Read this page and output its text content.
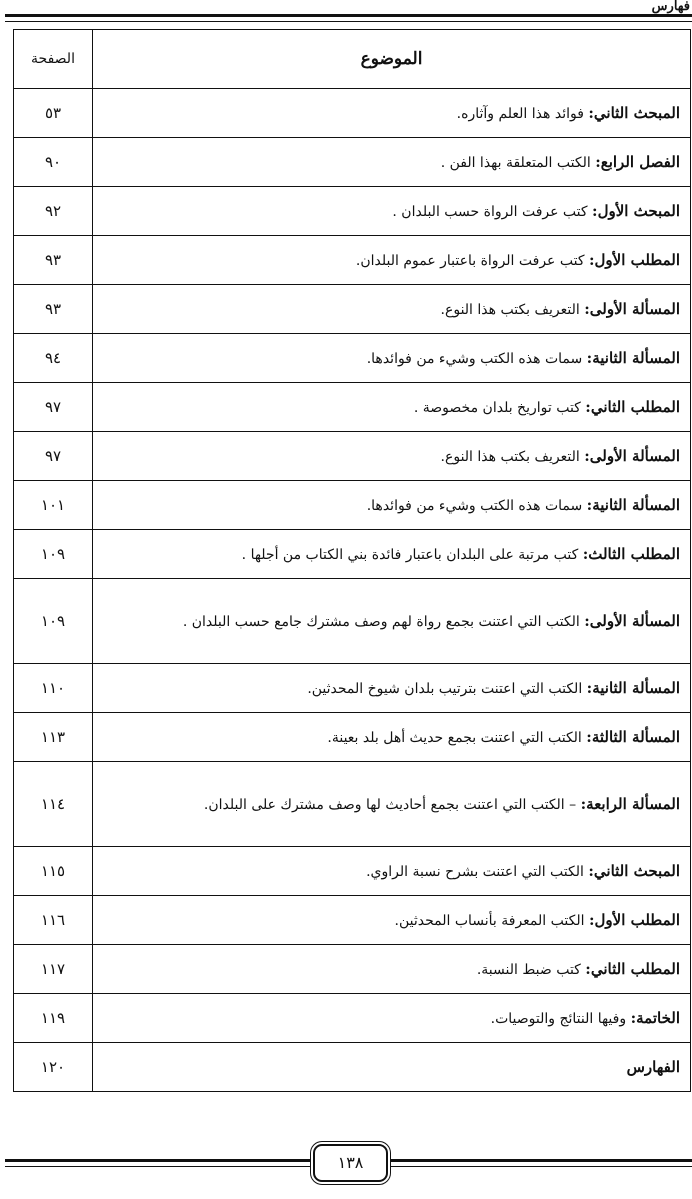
فهارس
الموضوع	الصفحة
المبحث الثاني: فوائد هذا العلم وآثاره.	٥٣
الفصل الرابع: الكتب المتعلقة بهذا الفن .	٩٠
المبحث الأول: كتب عرفت الرواة حسب البلدان .	٩٢
المطلب الأول: كتب عرفت الرواة باعتبار عموم البلدان.	٩٣
المسألة الأولى: التعريف بكتب هذا النوع.	٩٣
المسألة الثانية: سمات هذه الكتب وشيء من فوائدها.	٩٤
المطلب الثاني: كتب تواريخ بلدان مخصوصة .	٩٧
المسألة الأولى: التعريف بكتب هذا النوع.	٩٧
المسألة الثانية: سمات هذه الكتب وشيء من فوائدها.	١٠١
المطلب الثالث: كتب مرتبة على البلدان باعتبار فائدة بني الكتاب من أجلها .	١٠٩
المسألة الأولى: الكتب التي اعتنت بجمع رواة لهم وصف مشترك جامع حسب البلدان .	١٠٩
المسألة الثانية: الكتب التي اعتنت بترتيب بلدان شيوخ المحدثين.	١١٠
المسألة الثالثة: الكتب التي اعتنت بجمع حديث أهل بلد بعينة.	١١٣
المسألة الرابعة: – الكتب التي اعتنت بجمع أحاديث لها وصف مشترك على البلدان.	١١٤
المبحث الثاني: الكتب التي اعتنت بشرح نسبة الراوي.	١١٥
المطلب الأول: الكتب المعرفة بأنساب المحدثين.	١١٦
المطلب الثاني: كتب ضبط النسبة.	١١٧
الخاتمة: وفيها النتائج والتوصيات.	١١٩
الفهارس	١٢٠
١٣٨
